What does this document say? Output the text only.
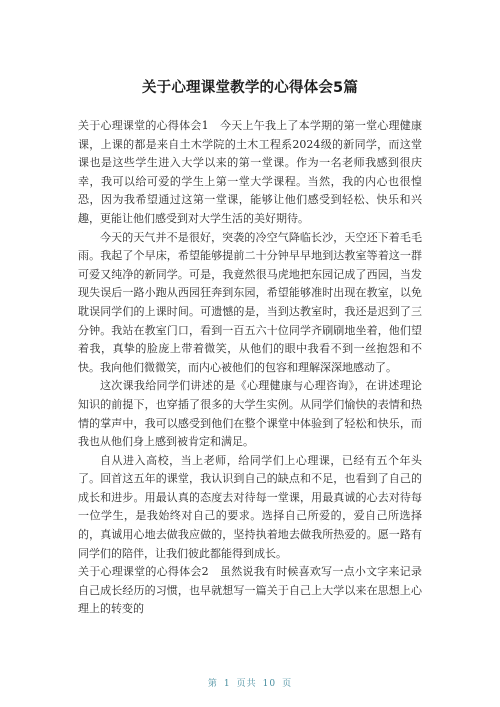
关于心理课堂教学的心得体会5篇

关于心理课堂的心得体会1　今天上午我上了本学期的第一堂心理健康课，上课的都是来自土木学院的土木工程系2024级的新同学，而这堂课也是这些学生进入大学以来的第一堂课。作为一名老师我感到很庆幸，我可以给可爱的学生上第一堂大学课程。当然，我的内心也很惶恐，因为我希望通过这第一堂课，能够让他们感受到轻松、快乐和兴趣，更能让他们感受到对大学生活的美好期待。

今天的天气并不是很好，突袭的冷空气降临长沙，天空还下着毛毛雨。我起了个早床，希望能够提前二十分钟早早地到达教室等着这一群可爱又纯净的新同学。可是，我竟然很马虎地把东园记成了西园，当发现失误后一路小跑从西园狂奔到东园，希望能够准时出现在教室，以免耽误同学们的上课时间。可遗憾的是，当到达教室时，我还是迟到了三分钟。我站在教室门口，看到一百五六十位同学齐刷刷地坐着，他们望着我，真挚的脸庞上带着微笑，从他们的眼中我看不到一丝抱怨和不快。我向他们微微笑，而内心被他们的包容和理解深深地感动了。

这次课我给同学们讲述的是《心理健康与心理咨询》，在讲述理论知识的前提下，也穿插了很多的大学生实例。从同学们愉快的表情和热情的掌声中，我可以感受到他们在整个课堂中体验到了轻松和快乐，而我也从他们身上感到被肯定和满足。

自从进入高校，当上老师，给同学们上心理课，已经有五个年头了。回首这五年的课堂，我认识到自己的缺点和不足，也看到了自己的成长和进步。用最认真的态度去对待每一堂课，用最真诚的心去对待每一位学生，是我始终对自己的要求。选择自己所爱的，爱自己所选择的，真诚用心地去做我应做的，坚持执着地去做我所热爱的。愿一路有同学们的陪伴，让我们彼此都能得到成长。

关于心理课堂的心得体会2　虽然说我有时候喜欢写一点小文字来记录自己成长经历的习惯，也早就想写一篇关于自己上大学以来在思想上心理上的转变的

第 1 页共 10 页
